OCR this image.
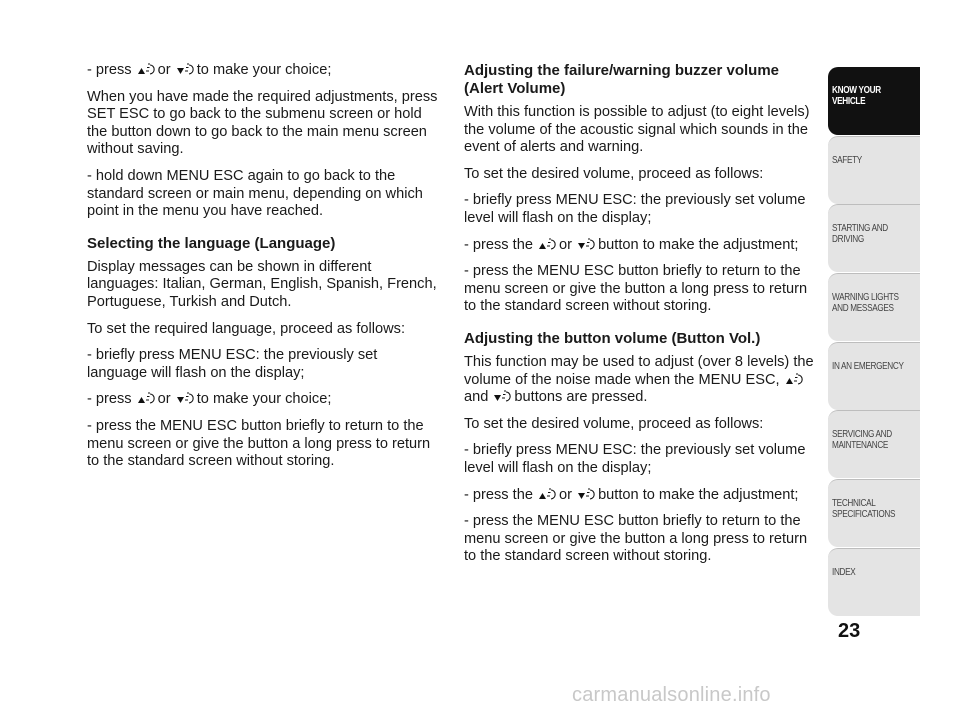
- press or to make your choice;

When you have made the required adjustments, press SET ESC to go back to the submenu screen or hold the button down to go back to the main menu screen without saving.

- hold down MENU ESC again to go back to the standard screen or main menu, depending on which point in the menu you have reached.

Selecting the language (Language)

Display messages can be shown in different languages: Italian, German, English, Spanish, French, Portuguese, Turkish and Dutch.

To set the required language, proceed as follows:

- briefly press MENU ESC: the previously set language will flash on the display;

- press or to make your choice;

- press the MENU ESC button briefly to return to the menu screen or give the button a long press to return to the standard screen without storing.

Adjusting the failure/warning buzzer volume (Alert Volume)

With this function is possible to adjust (to eight levels) the volume of the acoustic signal which sounds in the event of alerts and warning.

To set the desired volume, proceed as follows:

- briefly press MENU ESC: the previously set volume level will flash on the display;

- press the or button to make the adjustment;

- press the MENU ESC button briefly to return to the menu screen or give the button a long press to return to the standard screen without storing.

Adjusting the button volume (Button Vol.)

This function may be used to adjust (over 8 levels) the volume of the noise made when the MENU ESC,
and buttons are pressed.

To set the desired volume, proceed as follows:

- briefly press MENU ESC: the previously set volume level will flash on the display;

- press the or button to make the adjustment;

- press the MENU ESC button briefly to return to the menu screen or give the button a long press to return to the standard screen without storing.

KNOW YOUR VEHICLE
SAFETY
STARTING AND DRIVING
WARNING LIGHTS AND MESSAGES
IN AN EMERGENCY
SERVICING AND MAINTENANCE
TECHNICAL SPECIFICATIONS
INDEX
23
carmanualsonline.info
